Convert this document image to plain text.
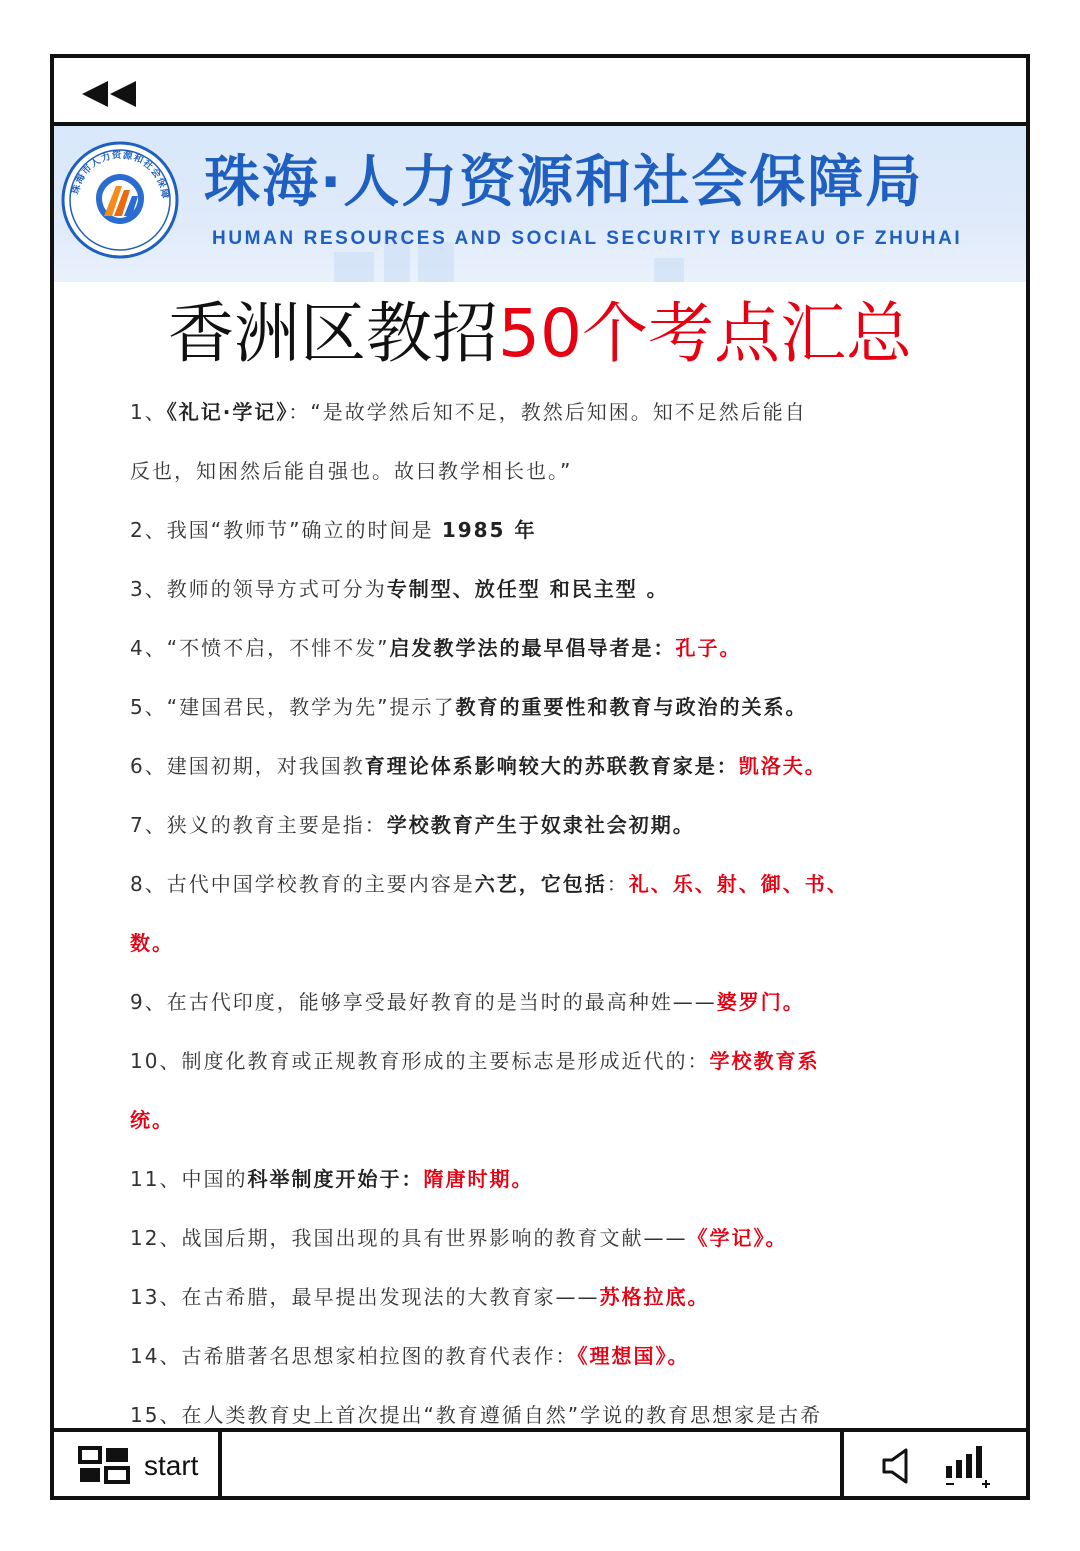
珠海市人力资源和社会保障 珠海·人力资源和社会保障局
HUMAN RESOURCES AND SOCIAL SECURITY BUREAU OF ZHUHAI
香洲区教招50个考点汇总
1、《礼记·学记》：“是故学然后知不足，教然后知困。知不足然后能自
反也，知困然后能自强也。故曰教学相长也。”
2、我国“教师节”确立的时间是 1985 年
3、教师的领导方式可分为专制型、放任型 和民主型 。
4、“不愤不启，不悱不发”启发教学法的最早倡导者是：孔子。
5、“建国君民，教学为先”提示了教育的重要性和教育与政治的关系。
6、建国初期，对我国教育理论体系影响较大的苏联教育家是：凯洛夫。
7、狭义的教育主要是指：学校教育产生于奴隶社会初期。
8、古代中国学校教育的主要内容是六艺，它包括：礼、乐、射、御、书、
数。
9、在古代印度，能够享受最好教育的是当时的最高种姓——婆罗门。
10、制度化教育或正规教育形成的主要标志是形成近代的：学校教育系
统。
11、中国的科举制度开始于：隋唐时期。
12、战国后期，我国出现的具有世界影响的教育文献——《学记》。
13、在古希腊，最早提出发现法的大教育家——苏格拉底。
14、古希腊著名思想家柏拉图的教育代表作：《理想国》。
15、在人类教育史上首次提出“教育遵循自然”学说的教育思想家是古希
start
